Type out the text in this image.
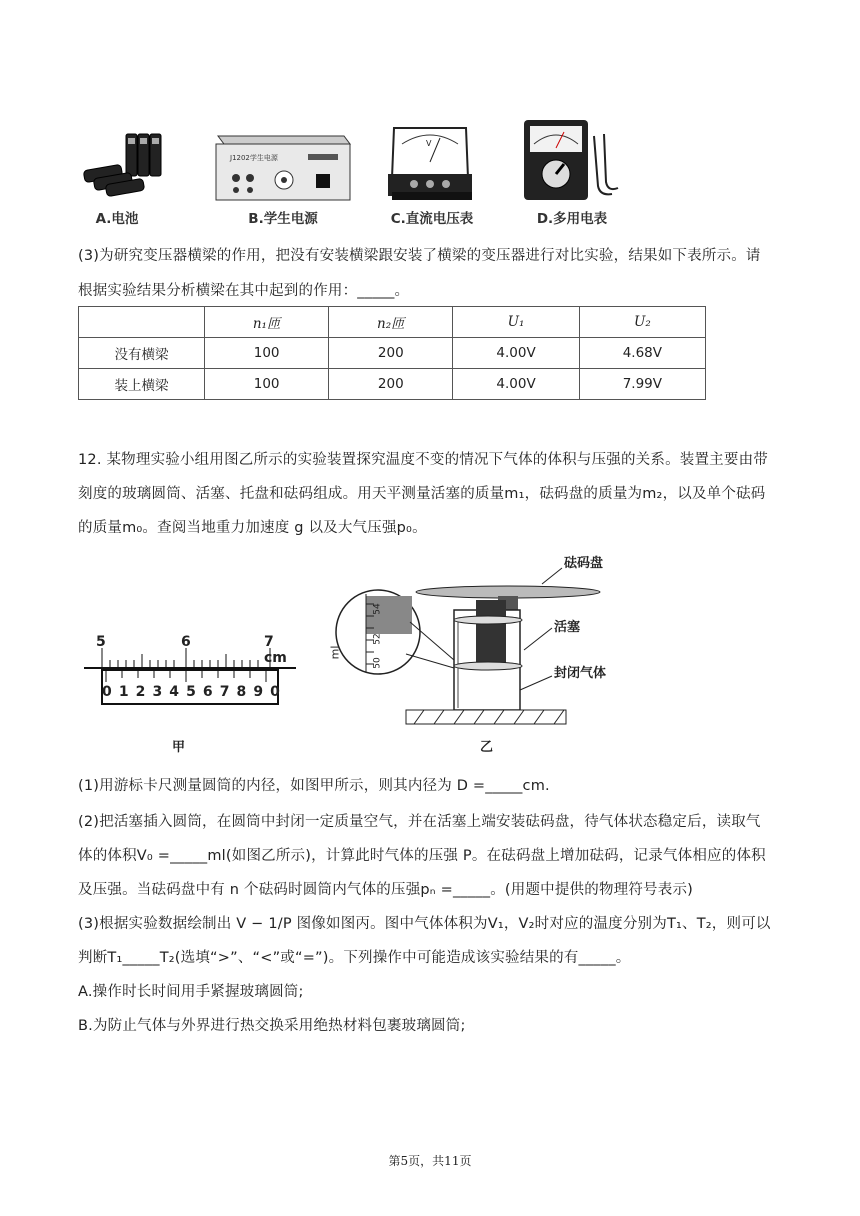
J1202学生电源
V
A.电池	B.学生电源	C.直流电压表	D.多用电表
(3)为研究变压器横梁的作用，把没有安装横梁跟安装了横梁的变压器进行对比实验，结果如下表所示。请
根据实验结果分析横梁在其中起到的作用：_____。
	n₁匝	n₂匝	U₁	U₂
没有横梁	100	200	4.00V	4.68V
装上横梁	100	200	4.00V	7.99V
12. 某物理实验小组用图乙所示的实验装置探究温度不变的情况下气体的体积与压强的关系。装置主要由带
刻度的玻璃圆筒、活塞、托盘和砝码组成。用天平测量活塞的质量m₁，砝码盘的质量为m₂，以及单个砝码
的质量m₀。查阅当地重力加速度 g 以及大气压强p₀。
5	6	7 cm
0 1 2 3 4 5 6 7 8 9 0
甲
砝码盘
活塞
封闭气体
ml
54
52
50
乙
(1)用游标卡尺测量圆筒的内径，如图甲所示，则其内径为 D =_____cm.
(2)把活塞插入圆筒，在圆筒中封闭一定质量空气，并在活塞上端安装砝码盘，待气体状态稳定后，读取气
体的体积V₀ =_____ml(如图乙所示)，计算此时气体的压强 P。在砝码盘上增加砝码，记录气体相应的体积
及压强。当砝码盘中有 n 个砝码时圆筒内气体的压强pₙ =_____。(用题中提供的物理符号表示)
(3)根据实验数据绘制出 V − 1/P 图像如图丙。图中气体体积为V₁，V₂时对应的温度分别为T₁、T₂，则可以
判断T₁_____T₂(选填“>”、“<”或“=”)。下列操作中可能造成该实验结果的有_____。
A.操作时长时间用手紧握玻璃圆筒;
B.为防止气体与外界进行热交换采用绝热材料包裹玻璃圆筒;
第5页，共11页
